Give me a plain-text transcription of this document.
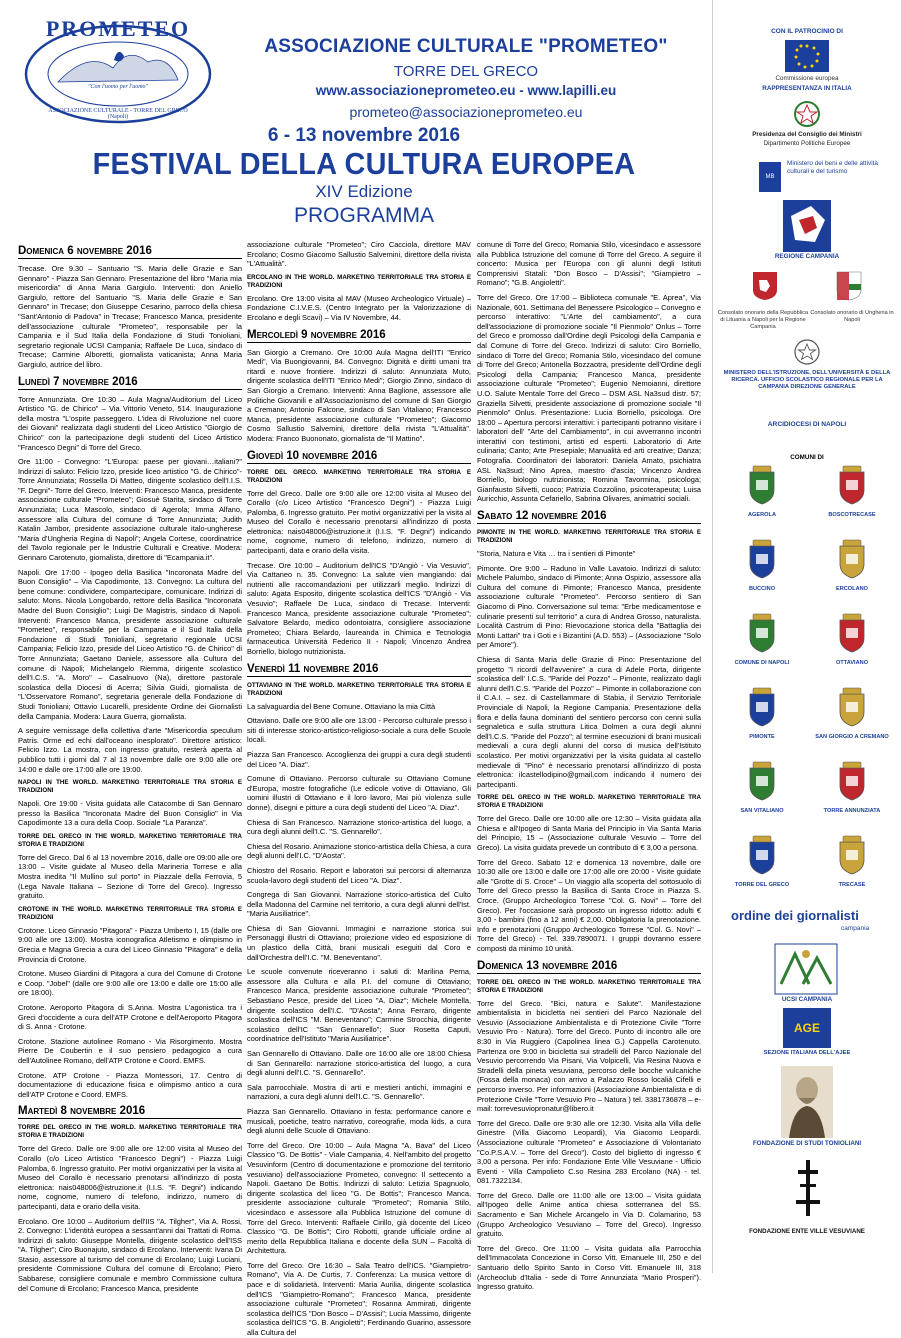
PROMETEO
"Con l'uomo per l'uomo"
ASSOCIAZIONE CULTURALE - TORRE DEL GRECO (Napoli)
ASSOCIAZIONE CULTURALE "PROMETEO"
TORRE DEL GRECO
www.associazioneprometeo.eu - www.lapilli.eu
prometeo@associazioneprometeo.eu
6 - 13 novembre 2016
FESTIVAL DELLA CULTURA EUROPEA
XIV Edizione
PROGRAMMA
Domenica 6 novembre 2016
Trecase. Ore 9.30 – Santuario "S. Maria delle Grazie e San Gennaro" - Piazza San Gennaro. Presentazione del libro "Maria mia misericordia" di Anna Maria Gargiulo. Interventi: don Aniello Gargiulo, rettore del Santuario "S. Maria delle Grazie e San Gennaro" in Trecase; don Giuseppe Cesarino, parroco della chiesa "Sant'Antonio di Padova" in Trecase; Francesco Manca, presidente dell'associazione culturale "Prometeo", responsabile per la Campania e il Sud Italia della Fondazione di Studi Tonioliani, segretario regionale UCSI Campania; Raffaele De Luca, sindaco di Trecase; Carmine Alboretti, giornalista vaticanista; Anna Maria Gargiulo, autrice del libro.
Lunedì 7 novembre 2016
Torre Annunziata. Ore 10:30 – Aula Magna/Auditorium del Liceo Artistico "G. de Chirico" – Via Vittorio Veneto, 514. Inaugurazione della mostra "L'ospite passeggero. L'idea di Rivoluzione nel cuore dei Giovani" realizzata dagli studenti del Liceo Artistico "Giorgio de Chirico" con la partecipazione degli studenti del Liceo Artistico "Francesco Degni" di Torre del Greco.
Ore 11:00 - Convegno: "L'Europa: paese per giovani…italiani?" Indirizzi di saluto: Felicio Izzo, preside liceo artistico "G. de Chirico"- Torre Annunziata; Rossella Di Matteo, dirigente scolastico dell'I.I.S. "F. Degni"- Torre del Greco. Interventi: Francesco Manca, presidente associazione culturale "Prometeo"; Giosuè Starita, sindaco di Torre Annunziata; Luca Mascolo, sindaco di Agerola; Imma Alfano, assessore alla Cultura del comune di Torre Annunziata; Judith Katalin Jambor, presidente associazione culturale italo-ungherese "Maria d'Ungheria Regina di Napoli"; Angela Cortese, coordinatrice del Tavolo regionale per le Industrie Culturali e Creative. Modera: Gennaro Carotenuto, giornalista, direttore di "Ecampania.it".
Napoli. Ore 17:00 - Ipogeo della Basilica "Incoronata Madre del Buon Consiglio" – Via Capodimonte, 13. Convegno: La cultura del bene comune: condividere, compartecipare, comunicare. Indirizzi di saluto: Mons. Nicola Longobardo, rettore della Basilica "Incoronata Madre del Buon Consiglio"; Luigi De Magistris, sindaco di Napoli. Interventi: Francesco Manca, presidente associazione culturale "Prometeo", responsabile per la Campania e il Sud Italia della Fondazione di Studi Tonioliani, segretario regionale UCSI Campania; Felicio Izzo, preside del Liceo Artistico "G. de Chirico" di Torre Annunziata; Gaetano Daniele, assessore alla Cultura del comune di Napoli; Michelangelo Riemma, dirigente scolastico dell'I.C.S. "A. Moro" – Casalnuovo (Na), direttore pastorale scolastica della Diocesi di Acerra; Silvia Guidi, giornalista de "L'Osservatore Romano", segretaria generale della Fondazione di Studi Tonioliani; Ottavio Lucarelli, presidente Ordine dei Giornalisti della Campania. Modera: Laura Guerra, giornalista.
A seguire vernissage della collettiva d'arte "Misericordia speculum Patris. Orme ed echi dall'oceano inesplorato". Direttore artistico: Felicio Izzo. La mostra, con ingresso gratuito, resterà aperta al pubblico tutti i giorni dal 7 al 13 novembre dalle ore 9:00 alle ore 14:00 e dalle ore 17:00 alle ore 19:00.
NAPOLI IN THE WORLD. MARKETING TERRITORIALE TRA STORIA E TRADIZIONI
Napoli. Ore 19:00 - Visita guidata alle Catacombe di San Gennaro presso la Basilica "Incoronata Madre del Buon Consiglio" in Via Capodimonte 13 a cura della Coop. Sociale "La Paranza".
TORRE DEL GRECO IN THE WORLD. MARKETING TERRITORIALE TRA STORIA E TRADIZIONI
Torre del Greco. Dal 6 al 13 novembre 2016, dalle ore 09:00 alle ore 13:00 – Visite guidate al Museo della Marineria Torrese e alla Mostra inedita "Il Mullino sul porto" in Piazzale della Ferrovia, 5 (Lega Navale Italiana – Sezione di Torre del Greco). Ingresso gratuito.
CROTONE IN THE WORLD. MARKETING TERRITORIALE TRA STORIA E TRADIZIONI
Crotone. Liceo Ginnasio "Pitagora" - Piazza Umberto I, 15 (dalle ore 9:00 alle ore 13:00). Mostra iconografica Atletismo e olimpismo in Grecia e Magna Grecia a cura del Liceo Ginnasio "Pitagora" e della Provincia di Crotone.
Crotone. Museo Giardini di Pitagora a cura del Comune di Crotone e Coop. "Jobel" (dalle ore 9:00 alle ore 13:00 e dalle ore 15:00 alle ore 18:00).
Crotone. Aeroporto Pitagora di S.Anna. Mostra L'agonistica tra i Greci d'occidente a cura dell'ATP Crotone e dell'Aeroporto Pitagora di S. Anna - Crotone.
Crotone. Stazione autolinee Romano - Via Risorgimento. Mostra Pierre De Coubertin e il suo pensiero pedagogico a cura dell'Autolinee Romano, dell'ATP Crotone e Coord. EMFS.
Crotone. ATP Crotone - Piazza Montessori, 17. Centro di documentazione di educazione fisica e olimpismo antico a cura dell'ATP Crotone e Coord. EMFS.
Martedì 8 novembre 2016
TORRE DEL GRECO IN THE WORLD. MARKETING TERRITORIALE TRA STORIA E TRADIZIONI
Torre del Greco. Dalle ore 9:00 alle ore 12:00 visita al Museo del Corallo (c/o Liceo Artistico "Francesco Degni") - Piazza Luigi Palomba, 6. Ingresso gratuito. Per motivi organizzativi per la visita al Museo del Corallo è necessario prenotarsi all'indirizzo di posta elettronica: nais048006@istruzione.it (I.I.S. "F. Degni") indicando nome, cognome, numero di telefono, indirizzo, numero di partecipanti, data e orario della visita.
Ercolano. Ore 10:00 – Auditorium dell'IIS "A. Tilgher", Via A. Rossi, 2. Convegno: L'identità europea a sessant'anni dai Trattati di Roma. Indirizzi di saluto: Giuseppe Montella, dirigente scolastico dell'ISS "A. Tilgher"; Ciro Buonajuto, sindaco di Ercolano. Interventi: Ivana Di Stasio, assessore al turismo del comune di Ercolano; Luigi Luciani, presidente Commissione Cultura del comune di Ercolano; Piero Sabbarese, consigliere comunale e membro Commissione cultura del Comune di Ercolano; Francesco Manca, presidente
associazione culturale "Prometeo"; Ciro Cacciola, direttore MAV Ercolano; Cosmo Giacomo Sallustio Salvemini, direttore della rivista "L'Attualità".
ERCOLANO IN THE WORLD. MARKETING TERRITORIALE TRA STORIA E TRADIZIONI
Ercolano. Ore 13:00 visita al MAV (Museo Archeologico Virtuale) – Fondazione C.I.V.E.S. (Centro Integrato per la Valorizzazione di Ercolano e degli Scavi) – Via IV Novembre, 44.
Mercoledì 9 novembre 2016
San Giorgio a Cremano. Ore 10:00 Aula Magna dell'ITI "Enrico Medi", Via Buongiovanni, 84. Convegno: Dignità e diritti umani tra ritardi e nuove frontiere. Indirizzi di saluto: Annunziata Muto, dirigente scolastica dell'ITI "Enrico Medi"; Giorgio Zinno, sindaco di San Giorgio a Cremano. Interventi: Anna Baglione, assessore alle Politiche Giovanili e all'Associazionismo del comune di San Giorgio a Cremano; Antonio Falcone, sindaco di San Vitaliano; Francesco Manca, presidente associazione culturale "Prometeo"; Giacomo Cosmo Sallustio Salvemini, direttore della rivista "L'Attualità". Modera: Franco Buononato, giornalista de "Il Mattino".
Giovedì 10 novembre 2016
TORRE DEL GRECO. MARKETING TERRITORIALE TRA STORIA E TRADIZIONI
Torre del Greco. Dalle ore 9:00 alle ore 12:00 visita al Museo del Corallo (c/o Liceo Artistico "Francesco Degni") - Piazza Luigi Palomba, 6. Ingresso gratuito. Per motivi organizzativi per la visita al Museo del Corallo è necessario prenotarsi all'indirizzo di posta elettronica: nais048006@istruzione.it (I.I.S. "F. Degni") indicando nome, cognome, numero di telefono, indirizzo, numero di partecipanti, data e orario della visita.
Trecase. Ore 10:00 – Auditorium dell'ICS "D'Angiò - Via Vesuvio", Via Cattaneo n. 35. Convegno: La salute vien mangiando: dai nutrienti alle raccomandazioni per utilizzarli meglio. Indirizzi di saluto: Agata Esposito, dirigente scolastica dell'ICS "D'Angiò - Via Vesuvio"; Raffaele De Luca, sindaco di Trecase. Interventi: Francesco Manca, presidente associazione culturale "Prometeo"; Salvatore Belardo, medico odontoiatra, consigliere associazione Prometeo; Chiara Belardo, laureanda in Chimica e Tecnologia farmaceutica Università Federico II - Napoli; Vincenzo Andrea Borriello, biologo nutrizionista.
Venerdì 11 novembre 2016
OTTAVIANO IN THE WORLD. MARKETING TERRITORIALE TRA STORIA E TRADIZIONI
La salvaguardia del Bene Comune. Ottaviano la mia Città
Ottaviano. Dalle ore 9:00 alle ore 13:00 - Percorso culturale presso i siti di interesse storico-artistico-religioso-sociale a cura delle Scuole locali.
Piazza San Francesco. Accoglienza dei gruppi a cura degli studenti del Liceo "A. Diaz".
Comune di Ottaviano. Percorso culturale su Ottaviano Comune d'Europa, mostre fotografiche (Le edicole votive di Ottaviano, Gli uomini illustri di Ottaviano e il loro lavoro, Mai più violenza sulle donne), disegni e pitture a cura degli studenti del Liceo "A. Diaz".
Chiesa di San Francesco. Narrazione storico-artistica del luogo, a cura degli alunni dell'I.C. "S. Gennarello".
Chiesa del Rosario. Animazione storico-artistica della Chiesa, a cura degli alunni dell'I.C. "D'Aosta".
Chiostro del Rosario. Report e laboratori sui percorsi di alternanza scuola-lavoro degli studenti del Liceo "A. Diaz".
Congrega di San Giovanni. Narrazione storico-artistica del Culto della Madonna del Carmine nel territorio, a cura degli alunni dell'Ist. "Maria Ausiliatrice".
Chiesa di San Giovanni. Immagini e narrazione storica sui Personaggi illustri di Ottaviano; proiezione video ed esposizione di un plastico della Città, brani musicali eseguiti dal Coro e dall'Orchestra dell'I.C. "M. Beneventano".
Le scuole convenute riceveranno i saluti di: Marilina Perna, assessore alla Cultura e alla P.I. del comune di Ottaviano; Francesco Manca, presidente associazione culturale "Prometeo"; Sebastiano Pesce, preside del Liceo "A. Diaz"; Michele Montella, dirigente scolastico dell'I.C. "D'Aosta"; Anna Ferraro, dirigente scolastica dell'ICS "M. Beneventano"; Carmine Strocchia, dirigente scolastico dell'IC "San Gennarello"; Suor Rosetta Caputi, coordinatrice dell'Istituto "Maria Ausiliatrice".
San Gennarello di Ottaviano. Dalle ore 16:00 alle ore 18:00 Chiesa di San Gennarello: narrazione storico-artistica del luogo, a cura degli alunni dell'I.C. "S. Gennarello".
Sala parrocchiale. Mostra di arti e mestieri antichi, immagini e narrazioni, a cura degli alunni dell'I.C. "S. Gennarello".
Piazza San Gennarello. Ottaviano in festa: performance canore e musicali, poetiche, teatro narrativo, coreografie, moda kids, a cura degli alunni delle Scuole di Ottaviano.
Torre del Greco. Ore 10:00 – Aula Magna "A. Bava" del Liceo Classico "G. De Bottis" - Viale Campania, 4. Nell'ambito del progetto Vesuvinform (Centro di documentazione e promozione del territorio vesuviano) dell'associazione Prometeo, convegno: Il settecento a Napoli. Gaetano De Bottis. Indirizzi di saluto: Letizia Spagnuolo, dirigente scolastica del liceo "G. De Bottis"; Francesco Manca, presidente associazione culturale "Prometeo"; Romania Stilo, vicesindaco e assessore alla Pubblica Istruzione del comune di Torre del Greco. Interventi: Raffaele Cirillo, già docente del Liceo Classico "G. De Bottis"; Ciro Robotti, grande ufficiale ordine al merito della Repubblica Italiana e docente della SUN – Facoltà di Architettura.
Torre del Greco. Ore 16:30 – Sala Teatro dell'ICS. "Giampietro-Romano", Via A. De Curtis, 7. Conferenza: La musica vettore di pace e di solidarietà. Interventi: Maria Aurilia, dirigente scolastica dell'ICS "Giampietro-Romano"; Francesco Manca, presidente associazione culturale "Prometeo"; Rosanna Ammirati, dirigente scolastica dell'ICS "Don Bosco – D'Assisi"; Lucia Massimo, dirigente scolastica dell'ICS "G. B. Angioletti"; Ferdinando Guarino, assessore alla Cultura del
comune di Torre del Greco; Romania Stilo, vicesindaco e assessore alla Pubblica Istruzione del comune di Torre del Greco. A seguire il concerto: Musica per l'Europa con gli alunni degli Istituti Comprensivi Statali: "Don Bosco – D'Assisi"; "Giampietro – Romano"; "G.B. Angioletti".
Torre del Greco. Ore 17:00 – Biblioteca comunale "E. Aprea", Via Nazionale, 601. Settimana del Benessere Psicologico – Convegno e percorso interattivo: "L'Arte del cambiamento", a cura dell'associazione di promozione sociale "Il Pienmolo" Onlus – Torre del Greco e promosso dall'Ordine degli Psicologi della Campania e dal Comune di Torre del Greco. Indirizzi di saluto: Ciro Borriello, sindaco di Torre del Greco; Romania Stilo, vicesindaco del comune di Torre del Greco; Antonella Bozzaotra, presidente dell'Ordine degli Psicologi della Campania; Francesco Manca, presidente associazione culturale "Prometeo"; Eugenio Nemoianni, direttore U.O. Salute Mentale Torre del Greco – DSM ASL Na3sud distr. 57; Graziella Silvetti, presidente associazione di promozione sociale "Il Pienmolo" Onlus. Presentazione: Lucia Borriello, psicologa. Ore 18:00 – Apertura percorsi interattivi: i partecipanti potranno visitare i laboratori dell' "Arte del Cambiamento", in cui avverranno incontri interattivi con testimoni, artisti ed esperti. Laboratorio di Arte culinaria; Canto; Arte Presepiale; Manualità ed arti creative; Danza; Fotografia. Coordinatori dei laboratori: Daniela Amato, psichiatra ASL Na3sud; Nino Aprea, maestro d'ascia; Vincenzo Andrea Borriello, biologo nutrizionista; Romina Tavormina, psicologa; Gianfausto Silvetti, cuoco; Patrizia Cozzolino, psicoterapeuta; Luisa Auricchio, Assunta Cefariello, Sabrina Olivares, animatrici sociali.
Sabato 12 novembre 2016
PIMONTE IN THE WORLD. MARKETING TERRITORIALE TRA STORIA E TRADIZIONI
"Storia, Natura e Vita … tra i sentieri di Pimonte"
Pimonte. Ore 9:00 – Raduno in Valle Lavatoio. Indirizzi di saluto: Michele Palumbo, sindaco di Pimonte; Anna Ospizio, assessore alla Cultura del comune di Pimonte; Francesco Manca, presidente associazione culturale "Prometeo". Percorso sentiero di San Giacomo di Pino. Conversazione sul tema: "Erbe medicamentose e culinarie presenti sul territorio" a cura di Andrea Grosso, naturalista. Località Castrum di Pino: Rievocazione storica della "Battaglia dei Monti Lattari" tra i Goti e i Bizantini (A.D. 553) – (Associazione "Solo per Amore").
Chiesa di Santa Maria delle Grazie di Pino: Presentazione del progetto "I ricordi dell'avvenire" a cura di Adele Porta, dirigente scolastica dell' I.C.S. "Paride del Pozzo" – Pimonte, realizzato dagli alunni dell'I.C.S. "Paride del Pozzo" – Pimonte in collaborazione con il C.A.I. – sez. di Castellammare di Stabia, il Servizio Territoriale Provinciale di Napoli, la Regione Campania. Presentazione della flora e della fauna dominanti del sentiero percorso con cenni sulla segnaletica e sulla struttura Litica Dolmen a cura degli alunni dell'I.C.S. "Paride del Pozzo"; al termine esecuzioni di brani musicali medievali a cura degli alunni del corso di musica dell'Istituto scolastico. Per motivi organizzativi per la visita guidata al castello medievale di "Pino" è necessario prenotarsi all'indirizzo di posta elettronica: ilcastellodipino@gmail.com indicando il numero dei partecipanti.
TORRE DEL GRECO IN THE WORLD. MARKETING TERRITORIALE TRA STORIA E TRADIZIONI
Torre del Greco. Dalle ore 10:00 alle ore 12:30 – Visita guidata alla Chiesa e all'Ipogeo di Santa Maria del Principio in Via Santa Maria del Principio, 15 – (Associazione culturale Vesuvio – Torre del Greco). La visita guidata prevede un contributo di € 3,00 a persona.
Torre del Greco. Sabato 12 e domenica 13 novembre, dalle ore 10:30 alle ore 13:00 e dalle ore 17:00 alle ore 20:00 - Visite guidate alle "Grotte di S. Croce" – Un viaggio alla scoperta del sottosuolo di Torre del Greco presso la Basilica di Santa Croce in Piazza S. Croce. (Gruppo Archeologico Torrese "Col. G. Novi" – Torre del Greco). Per l'occasione sarà proposto un ingresso ridotto: adulti € 3,00 - bambini (fino a 12 anni) € 2,00. Obbligatoria la prenotazione. Info e prenotazioni (Gruppo Archeologico Torrese "Col. G. Novi" – Torre del Greco) - Tel. 339.7890071. I gruppi dovranno essere composti da minimo 10 unità.
Domenica 13 novembre 2016
TORRE DEL GRECO IN THE WORLD. MARKETING TERRITORIALE TRA STORIA E TRADIZIONI
Torre del Greco. "Bici, natura e Salute". Manifestazione ambientalista in bicicletta nei sentieri del Parco Nazionale del Vesuvio (Associazione Ambientalista e di Protezione Civile "Torre Vesuvio Pro - Natura). Torre del Greco. Punto di incontro alle ore 8:30 in Via Ruggiero (Capolinea linea G.) Cappella Carotenuto. Partenza ore 9:00 in bicicletta sui stradelli del Parco Nazionale del Vesuvio percorrendo Via Pisani, Via Volpicelli, Via Resina Nuova e Stradelli della pineta vesuviana, percorso delle bocche vulcaniche (Fossa della monaca) con arrivo a Palazzo Rosso localià Cifelli e percorso inverso. Per informazioni (Associazione Ambientalista e di Protezione Civile "Torre Vesuvio Pro – Natura ) tel. 3381736878 – e-mail: torrevesuviopronatur@libero.it
Torre del Greco. Dalle ore 9:30 alle ore 12:30. Visita alla Villa delle Ginestre (Villa Giacomo Leopardi), Via Giacomo Leopardi. (Associazione culturale "Prometeo" e Associazione di Volontariato "Co.P.S.A.V. – Torre del Greco"). Costo del biglietto di ingresso € 3,00 a persona. Per info: Fondazione Ente Ville Vesuviane - Ufficio Eventi - Villa Campolieto C.so Resina 283 Ercolano (NA) - tel. 081.7322134.
Torre del Greco. Dalle ore 11:00 alle ore 13:00 – Visita guidata all'Ipogeo delle Anime antica chiesa sotterranea del SS. Sacramento e San Michele Arcangelo in Via D. Colamarino, 53 (Gruppo Archeologico Vesuviano – Torre del Greco). Ingresso gratuito.
Torre del Greco. Ore 11:00 – Visita guidata alla Parrocchia dell'Immacolata Concezione in Corso Vitt. Emanuele III, 250 e del Santuario dello Spirito Santo in Corso Vitt. Emanuele III, 318 (Archeoclub d'Italia - sede di Torre Annunziata "Mario Prosperi"). Ingresso gratuito.
CON IL PATROCINIO DI
Commissione europea
RAPPRESENTANZA IN ITALIA
Presidenza del Consiglio dei Ministri
Dipartimento Politiche Europee
MB
Ministero dei beni e delle attività culturali e del turismo
REGIONE CAMPANIA
Consolato onorario della Repubblica di Lituania a Napoli per la Regione Campania
Consolato onorario di Ungheria in Napoli
MINISTERO DELL'ISTRUZIONE, DELL'UNIVERSITÀ E DELLA RICERCA. UFFICIO SCOLASTICO REGIONALE PER LA CAMPANIA DIREZIONE GENERALE
ARCIDIOCESI DI NAPOLI
COMUNI DI
AGEROLA	BOSCOTRECASE
BUCCINO	ERCOLANO
COMUNE DI NAPOLI	OTTAVIANO
PIMONTE	SAN GIORGIO A CREMANO
SAN VITALIANO	TORRE ANNUNZIATA
TORRE DEL GRECO	TRECASE
ordine dei giornalisti
campania
UCSI CAMPANIA
AGE
SEZIONE ITALIANA DELL'AJEE
FONDAZIONE DI STUDI TONIOLIANI
FONDAZIONE ENTE VILLE VESUVIANE
